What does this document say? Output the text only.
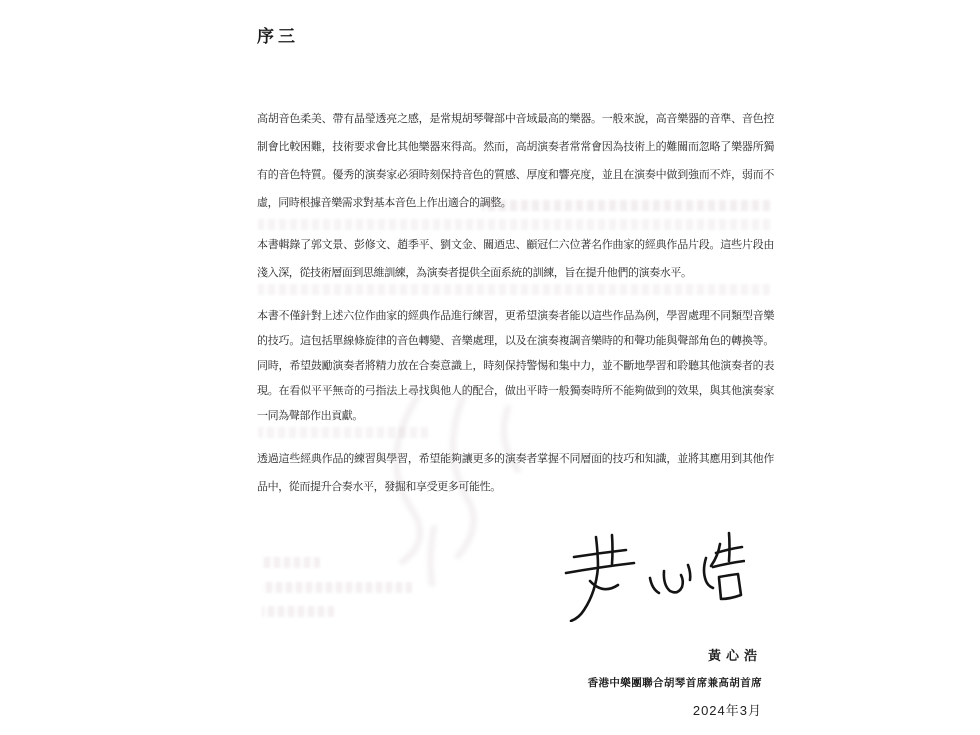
序三

高胡音色柔美、帶有晶瑩透亮之感，是常規胡琴聲部中音域最高的樂器。一般來說，高音樂器的音準、音色控制會比較困難，技術要求會比其他樂器來得高。然而，高胡演奏者常常會因為技術上的難關而忽略了樂器所獨有的音色特質。優秀的演奏家必須時刻保持音色的質感、厚度和響亮度，並且在演奏中做到強而不炸，弱而不虛，同時根據音樂需求對基本音色上作出適合的調整。

本書輯錄了郭文景、彭修文、趙季平、劉文金、關迺忠、顧冠仁六位著名作曲家的經典作品片段。這些片段由淺入深，從技術層面到思維訓練，為演奏者提供全面系統的訓練，旨在提升他們的演奏水平。

本書不僅針對上述六位作曲家的經典作品進行練習，更希望演奏者能以這些作品為例，學習處理不同類型音樂的技巧。這包括單線條旋律的音色轉變、音樂處理，以及在演奏複調音樂時的和聲功能與聲部角色的轉換等。同時，希望鼓勵演奏者將精力放在合奏意識上，時刻保持警惕和集中力，並不斷地學習和聆聽其他演奏者的表現。在看似平平無奇的弓指法上尋找與他人的配合，做出平時一般獨奏時所不能夠做到的效果，與其他演奏家一同為聲部作出貢獻。

透過這些經典作品的練習與學習，希望能夠讓更多的演奏者掌握不同層面的技巧和知識，並將其應用到其他作品中，從而提升合奏水平，發掘和享受更多可能性。

黃心浩
香港中樂團聯合胡琴首席兼高胡首席
2024年3月
